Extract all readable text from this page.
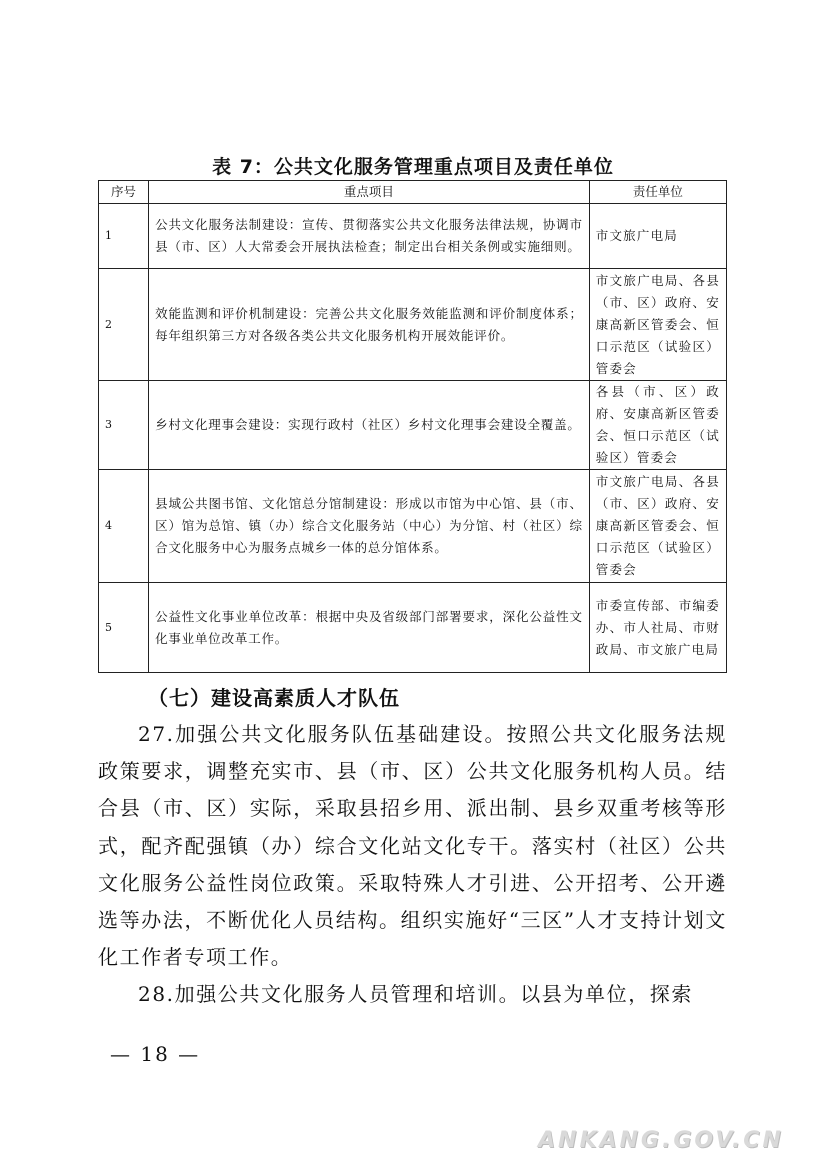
表 7：公共文化服务管理重点项目及责任单位
序号	重点项目	责任单位
1	公共文化服务法制建设：宣传、贯彻落实公共文化服务法律法规，协调市县（市、区）人大常委会开展执法检查；制定出台相关条例或实施细则。	市文旅广电局
2	效能监测和评价机制建设：完善公共文化服务效能监测和评价制度体系；每年组织第三方对各级各类公共文化服务机构开展效能评价。	市文旅广电局、各县（市、区）政府、安康高新区管委会、恒口示范区（试验区）管委会
3	乡村文化理事会建设：实现行政村（社区）乡村文化理事会建设全覆盖。	各县（市、区）政府、安康高新区管委会、恒口示范区（试验区）管委会
4	县域公共图书馆、文化馆总分馆制建设：形成以市馆为中心馆、县（市、区）馆为总馆、镇（办）综合文化服务站（中心）为分馆、村（社区）综合文化服务中心为服务点城乡一体的总分馆体系。	市文旅广电局、各县（市、区）政府、安康高新区管委会、恒口示范区（试验区）管委会
5	公益性文化事业单位改革：根据中央及省级部门部署要求，深化公益性文化事业单位改革工作。	市委宣传部、市编委办、市人社局、市财政局、市文旅广电局
（七）建设高素质人才队伍

27.加强公共文化服务队伍基础建设。按照公共文化服务法规政策要求，调整充实市、县（市、区）公共文化服务机构人员。结合县（市、区）实际，采取县招乡用、派出制、县乡双重考核等形式，配齐配强镇（办）综合文化站文化专干。落实村（社区）公共文化服务公益性岗位政策。采取特殊人才引进、公开招考、公开遴选等办法，不断优化人员结构。组织实施好“三区”人才支持计划文化工作者专项工作。

28.加强公共文化服务人员管理和培训。以县为单位，探索

— 18 —
ANKANG.GOV.CN
